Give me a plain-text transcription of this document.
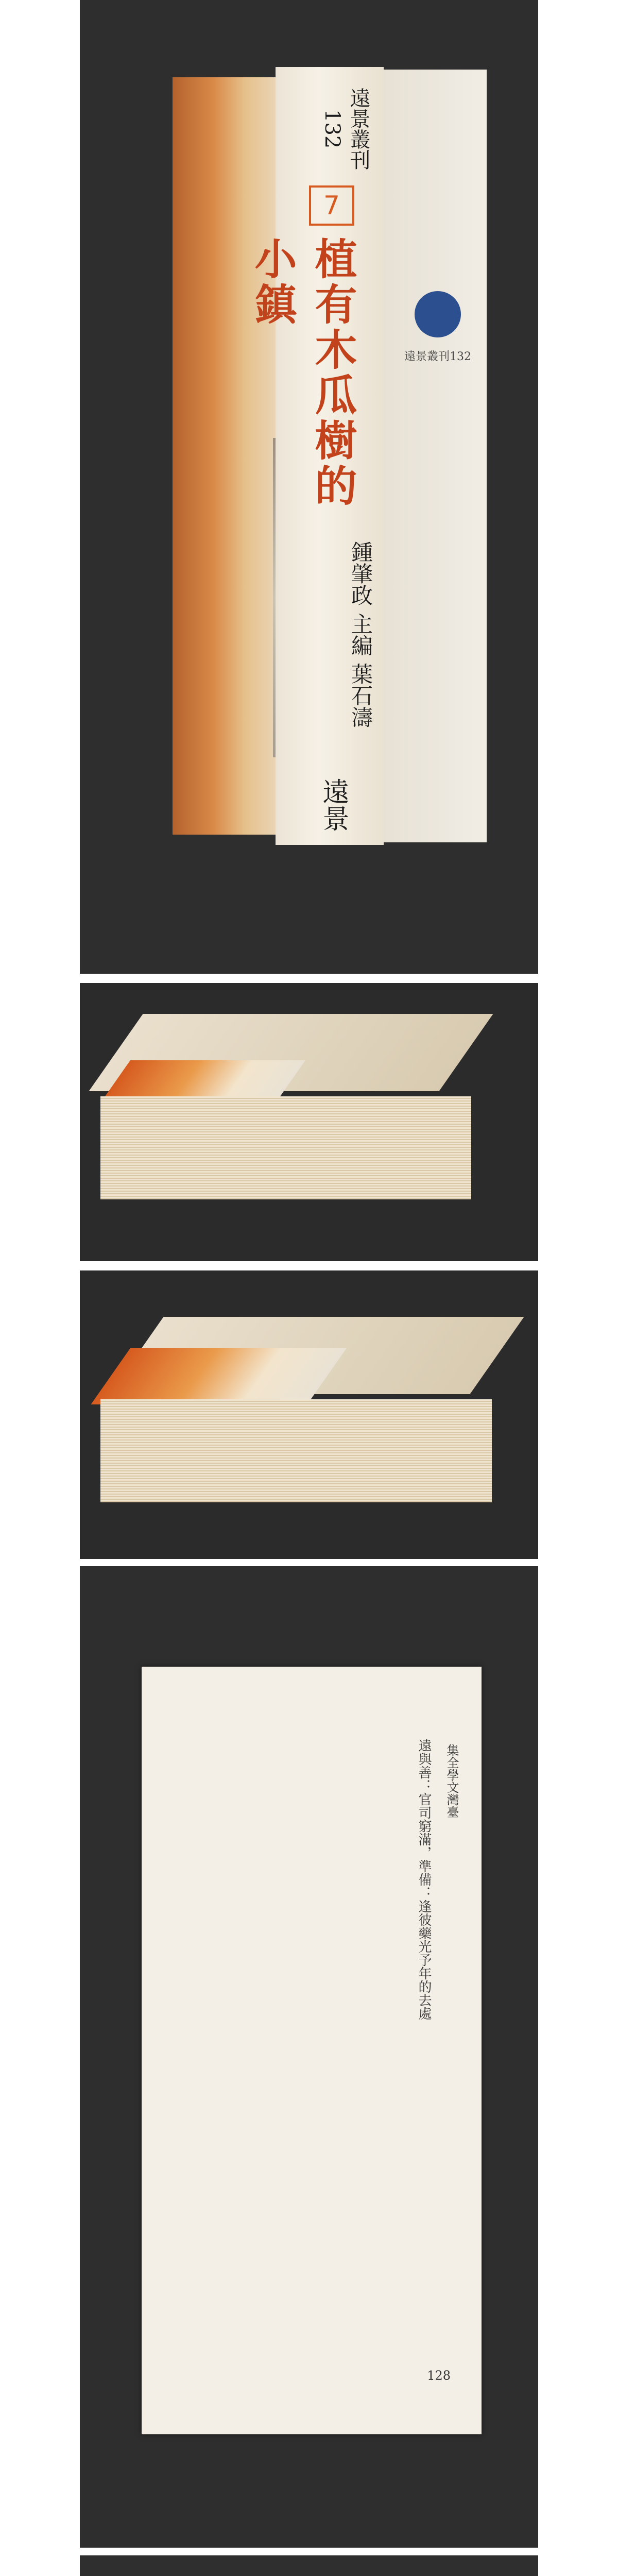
遠景叢刊132
7
植有木瓜樹的小鎮
鍾肇政 主編 葉石濤
遠景
遠景叢刊132
集全學文灣臺
遠與善：官司窮滿，準備：逢彼藥光予年的去處
128
